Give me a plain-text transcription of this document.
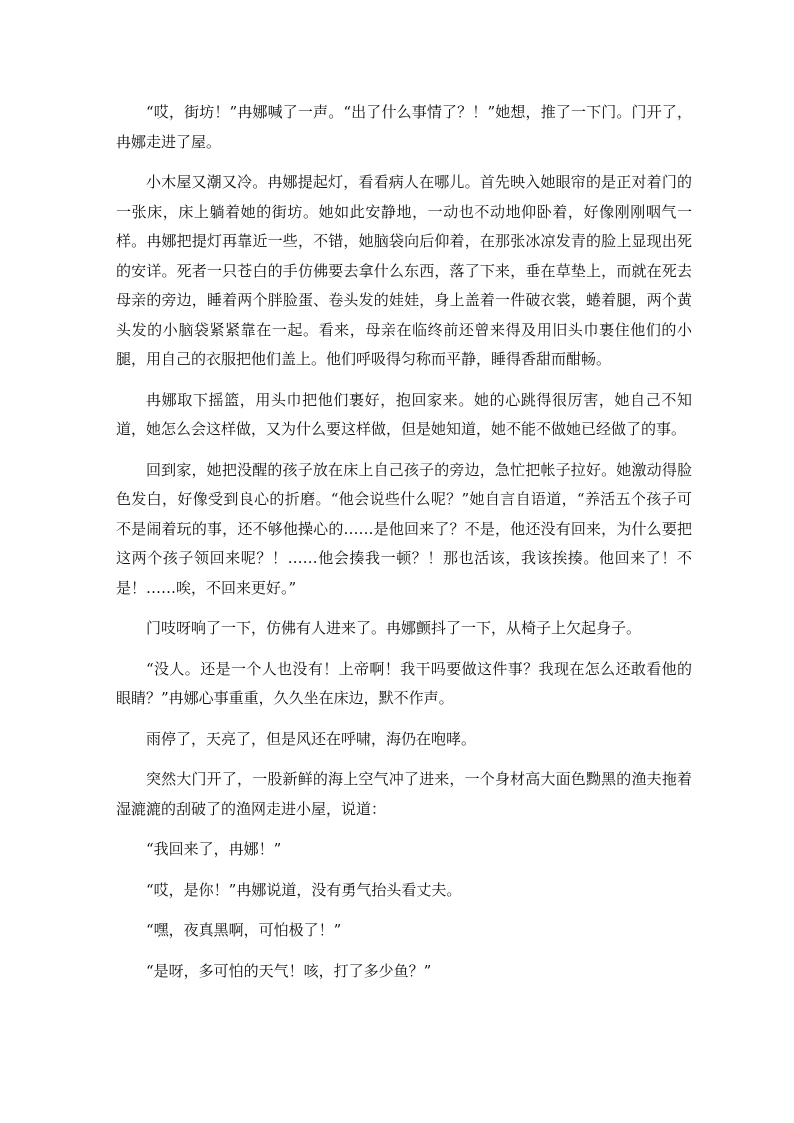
“哎，街坊！”冉娜喊了一声。“出了什么事情了？！”她想，推了一下门。门开了，冉娜走进了屋。

小木屋又潮又冷。冉娜提起灯，看看病人在哪儿。首先映入她眼帘的是正对着门的一张床，床上躺着她的街坊。她如此安静地，一动也不动地仰卧着，好像刚刚咽气一样。冉娜把提灯再靠近一些，不错，她脑袋向后仰着，在那张冰凉发青的脸上显现出死的安详。死者一只苍白的手仿佛要去拿什么东西，落了下来，垂在草垫上，而就在死去母亲的旁边，睡着两个胖脸蛋、卷头发的娃娃，身上盖着一件破衣裳，蜷着腿，两个黄头发的小脑袋紧紧靠在一起。看来，母亲在临终前还曾来得及用旧头巾裹住他们的小腿，用自己的衣服把他们盖上。他们呼吸得匀称而平静，睡得香甜而酣畅。

冉娜取下摇篮，用头巾把他们裹好，抱回家来。她的心跳得很厉害，她自己不知道，她怎么会这样做，又为什么要这样做，但是她知道，她不能不做她已经做了的事。

回到家，她把没醒的孩子放在床上自己孩子的旁边，急忙把帐子拉好。她激动得脸色发白，好像受到良心的折磨。“他会说些什么呢？”她自言自语道，“养活五个孩子可不是闹着玩的事，还不够他操心的……是他回来了？不是，他还没有回来，为什么要把这两个孩子领回来呢？！……他会揍我一顿？！那也活该，我该挨揍。他回来了！不是！……唉，不回来更好。”

门吱呀响了一下，仿佛有人进来了。冉娜颤抖了一下，从椅子上欠起身子。

“没人。还是一个人也没有！上帝啊！我干吗要做这件事？我现在怎么还敢看他的眼睛？”冉娜心事重重，久久坐在床边，默不作声。

雨停了，天亮了，但是风还在呼啸，海仍在咆哮。

突然大门开了，一股新鲜的海上空气冲了进来，一个身材高大面色黝黑的渔夫拖着湿漉漉的刮破了的渔网走进小屋，说道：

“我回来了，冉娜！”

“哎，是你！”冉娜说道，没有勇气抬头看丈夫。

“嘿，夜真黑啊，可怕极了！”

“是呀，多可怕的天气！咳，打了多少鱼？”
